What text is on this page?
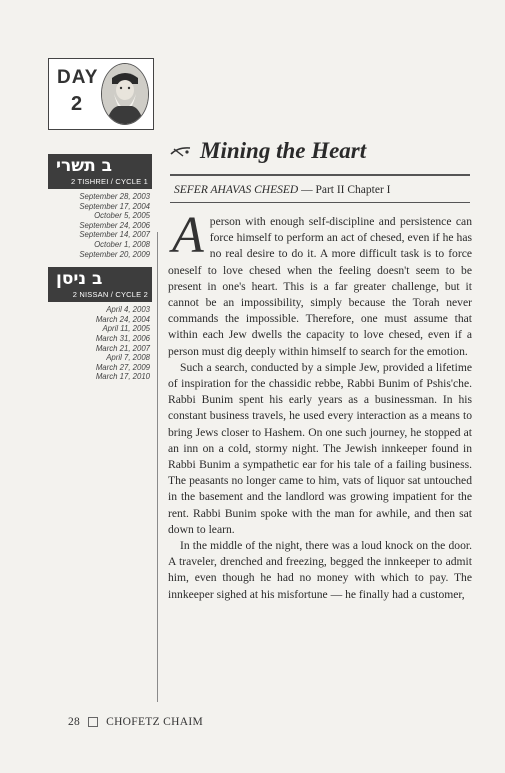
DAY
2
ב תשרי
2 TISHREI / CYCLE 1
September 28, 2003
September 17, 2004
October 5, 2005
September 24, 2006
September 14, 2007
October 1, 2008
September 20, 2009
ב ניסן
2 NISSAN / CYCLE 2
April 4, 2003
March 24, 2004
April 11, 2005
March 31, 2006
March 21, 2007
April 7, 2008
March 27, 2009
March 17, 2010
Mining the Heart
SEFER AHAVAS CHESED — Part II Chapter I
A person with enough self-discipline and persistence can force himself to perform an act of chesed, even if he has no real desire to do it. A more difficult task is to force oneself to love chesed when the feeling doesn't seem to be present in one's heart. This is a far greater challenge, but it cannot be an impossibility, simply because the Torah never commands the impossible. Therefore, one must assume that within each Jew dwells the capacity to love chesed, even if a person must dig deeply within himself to search for the emotion.

Such a search, conducted by a simple Jew, provided a lifetime of inspiration for the chassidic rebbe, Rabbi Bunim of Pshis'che. Rabbi Bunim spent his early years as a businessman. In his constant business travels, he used every interaction as a means to bring Jews closer to Hashem. On one such journey, he stopped at an inn on a cold, stormy night. The Jewish innkeeper found in Rabbi Bunim a sympathetic ear for his tale of a failing business. The peasants no longer came to him, vats of liquor sat untouched in the basement and the landlord was growing impatient for the rent. Rabbi Bunim spoke with the man for awhile, and then sat down to learn.

In the middle of the night, there was a loud knock on the door. A traveler, drenched and freezing, begged the innkeeper to admit him, even though he had no money with which to pay. The innkeeper sighed at his misfortune — he finally had a customer,

28 CHOFETZ CHAIM
